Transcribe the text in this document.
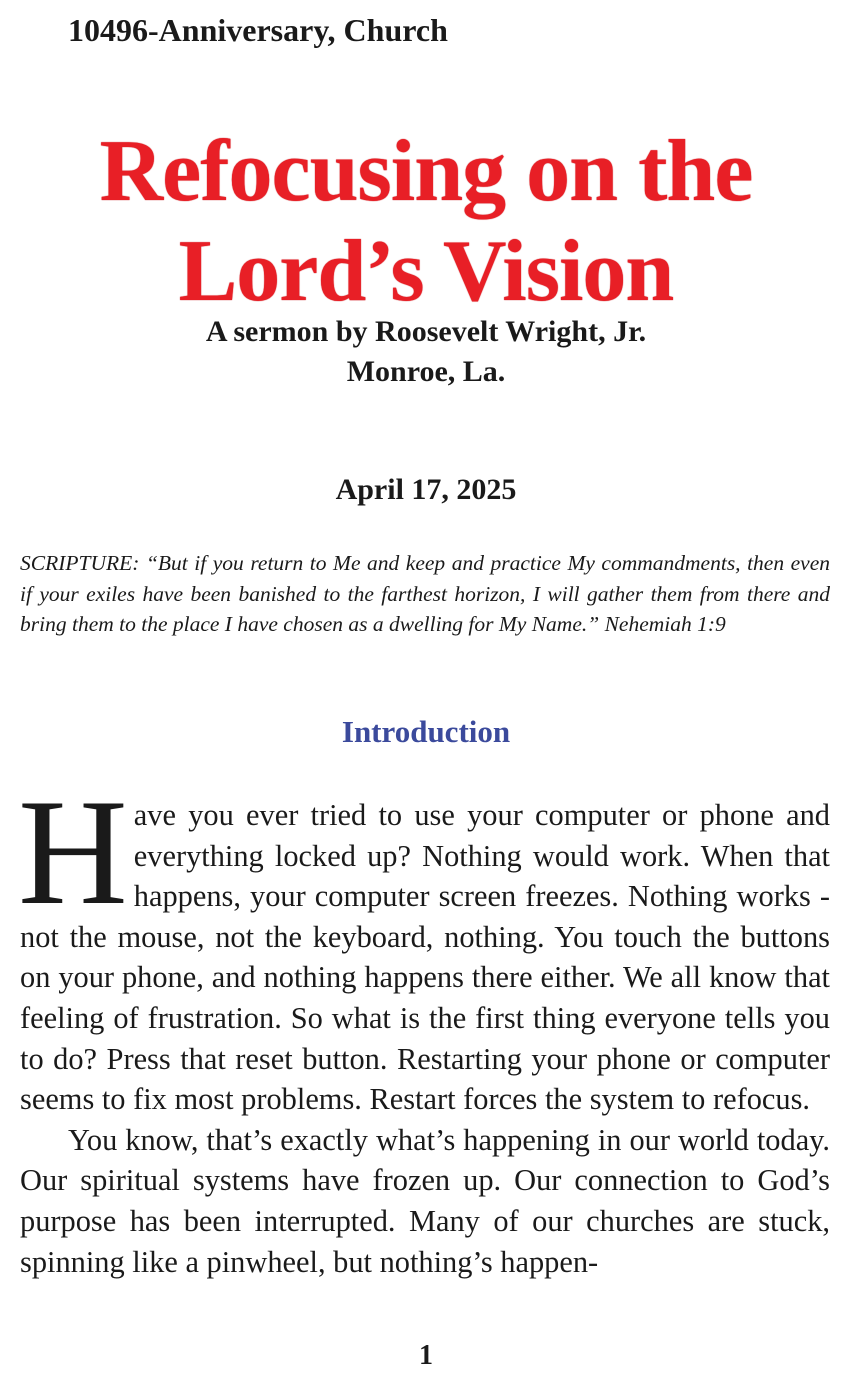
10496-Anniversary, Church
Refocusing on the
Lord’s Vision
A sermon by Roosevelt Wright, Jr.
Monroe, La.
April 17, 2025

SCRIPTURE: “But if you return to Me and keep and practice My commandments, then even if your exiles have been banished to the farthest horizon, I will gather them from there and bring them to the place I have chosen as a dwelling for My Name.” Nehemiah 1:9

Introduction

Have you ever tried to use your computer or phone and everything locked up? Nothing would work. When that happens, your computer screen freezes. Nothing works - not the mouse, not the keyboard, nothing. You touch the buttons on your phone, and nothing happens there either. We all know that feeling of frustration. So what is the first thing everyone tells you to do? Press that reset button. Restarting your phone or computer seems to fix most problems. Restart forces the system to refocus.

You know, that’s exactly what’s happening in our world today. Our spiritual systems have frozen up. Our connection to God’s purpose has been interrupted. Many of our churches are stuck, spinning like a pinwheel, but nothing’s happen-

1
